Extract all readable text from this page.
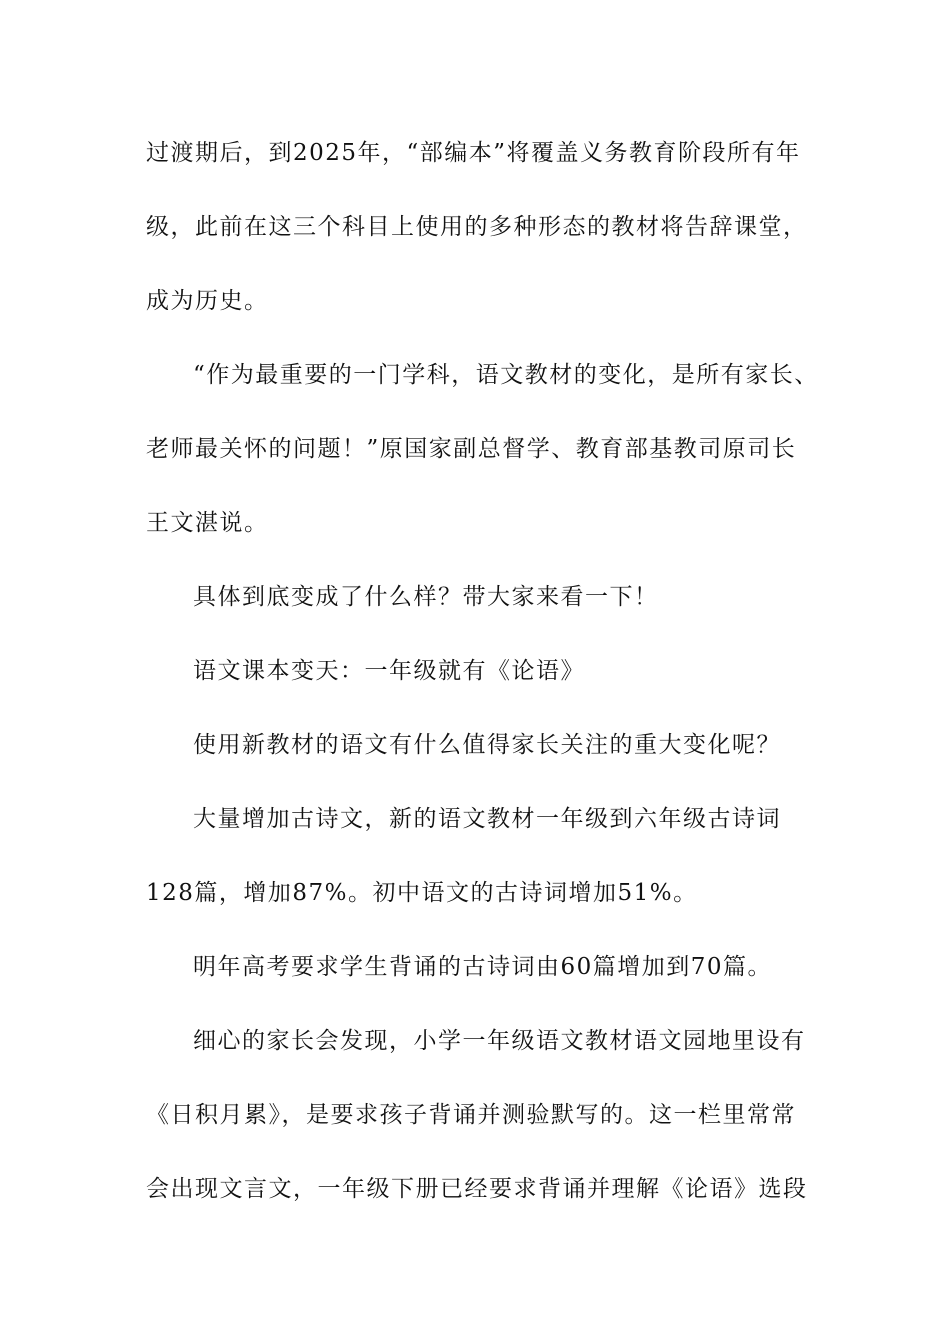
过渡期后，到2025年，“部编本”将覆盖义务教育阶段所有年
级，此前在这三个科目上使用的多种形态的教材将告辞课堂，
成为历史。
“作为最重要的一门学科，语文教材的变化，是所有家长、
老师最关怀的问题！”原国家副总督学、教育部基教司原司长
王文湛说。
具体到底变成了什么样？带大家来看一下！
语文课本变天：一年级就有《论语》
使用新教材的语文有什么值得家长关注的重大变化呢？
大量增加古诗文，新的语文教材一年级到六年级古诗词
128篇，增加87%。初中语文的古诗词增加51%。
明年高考要求学生背诵的古诗词由60篇增加到70篇。
细心的家长会发现，小学一年级语文教材语文园地里设有
《日积月累》，是要求孩子背诵并测验默写的。这一栏里常常
会出现文言文，一年级下册已经要求背诵并理解《论语》选段
